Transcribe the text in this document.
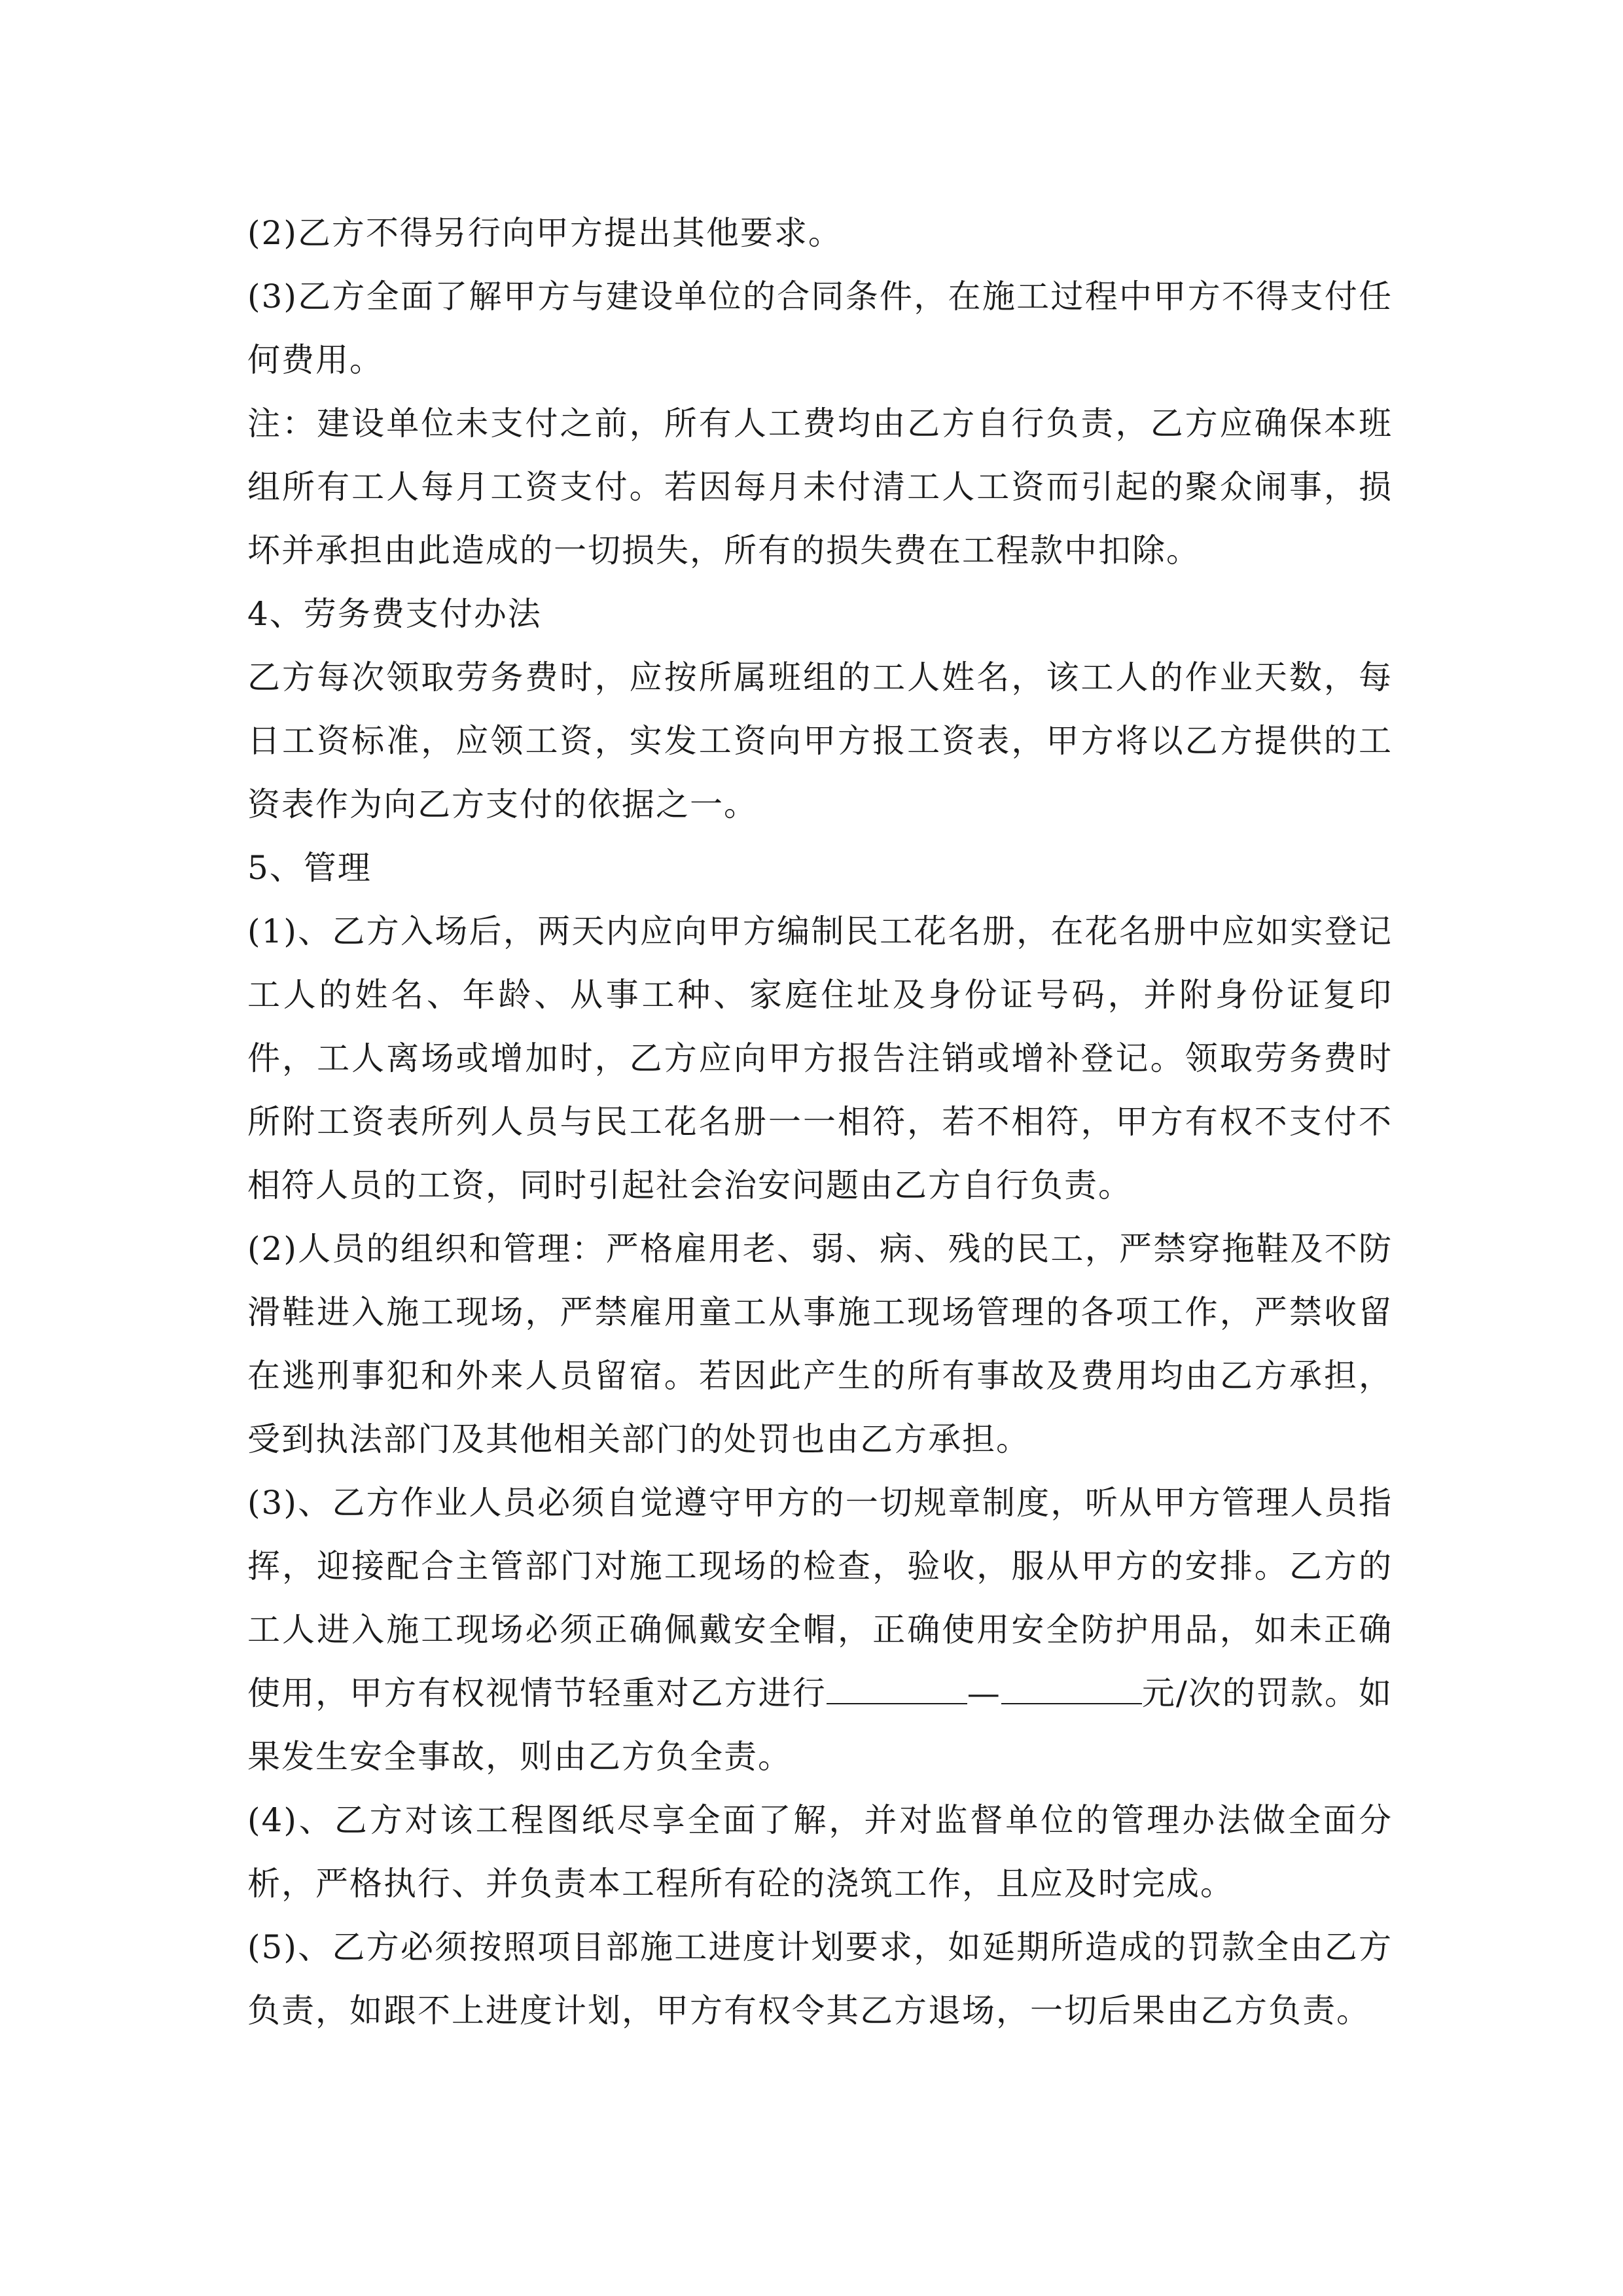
(2)乙方不得另行向甲方提出其他要求。

(3)乙方全面了解甲方与建设单位的合同条件，在施工过程中甲方不得支付任何费用。

注：建设单位未支付之前，所有人工费均由乙方自行负责，乙方应确保本班组所有工人每月工资支付。若因每月未付清工人工资而引起的聚众闹事，损坏并承担由此造成的一切损失，所有的损失费在工程款中扣除。

4、劳务费支付办法

乙方每次领取劳务费时，应按所属班组的工人姓名，该工人的作业天数，每日工资标准，应领工资，实发工资向甲方报工资表，甲方将以乙方提供的工资表作为向乙方支付的依据之一。

5、管理

(1)、乙方入场后，两天内应向甲方编制民工花名册，在花名册中应如实登记工人的姓名、年龄、从事工种、家庭住址及身份证号码，并附身份证复印件，工人离场或增加时，乙方应向甲方报告注销或增补登记。领取劳务费时所附工资表所列人员与民工花名册一一相符，若不相符，甲方有权不支付不相符人员的工资，同时引起社会治安问题由乙方自行负责。

(2)人员的组织和管理：严格雇用老、弱、病、残的民工，严禁穿拖鞋及不防滑鞋进入施工现场，严禁雇用童工从事施工现场管理的各项工作，严禁收留在逃刑事犯和外来人员留宿。若因此产生的所有事故及费用均由乙方承担，受到执法部门及其他相关部门的处罚也由乙方承担。

(3)、乙方作业人员必须自觉遵守甲方的一切规章制度，听从甲方管理人员指挥，迎接配合主管部门对施工现场的检查，验收，服从甲方的安排。乙方的工人进入施工现场必须正确佩戴安全帽，正确使用安全防护用品，如未正确使用，甲方有权视情节轻重对乙方进行	—	元/次的罚款。如果发生安全事故，则由乙方负全责。

(4)、乙方对该工程图纸尽享全面了解，并对监督单位的管理办法做全面分析，严格执行、并负责本工程所有砼的浇筑工作，且应及时完成。

(5)、乙方必须按照项目部施工进度计划要求，如延期所造成的罚款全由乙方负责，如跟不上进度计划，甲方有权令其乙方退场，一切后果由乙方负责。
